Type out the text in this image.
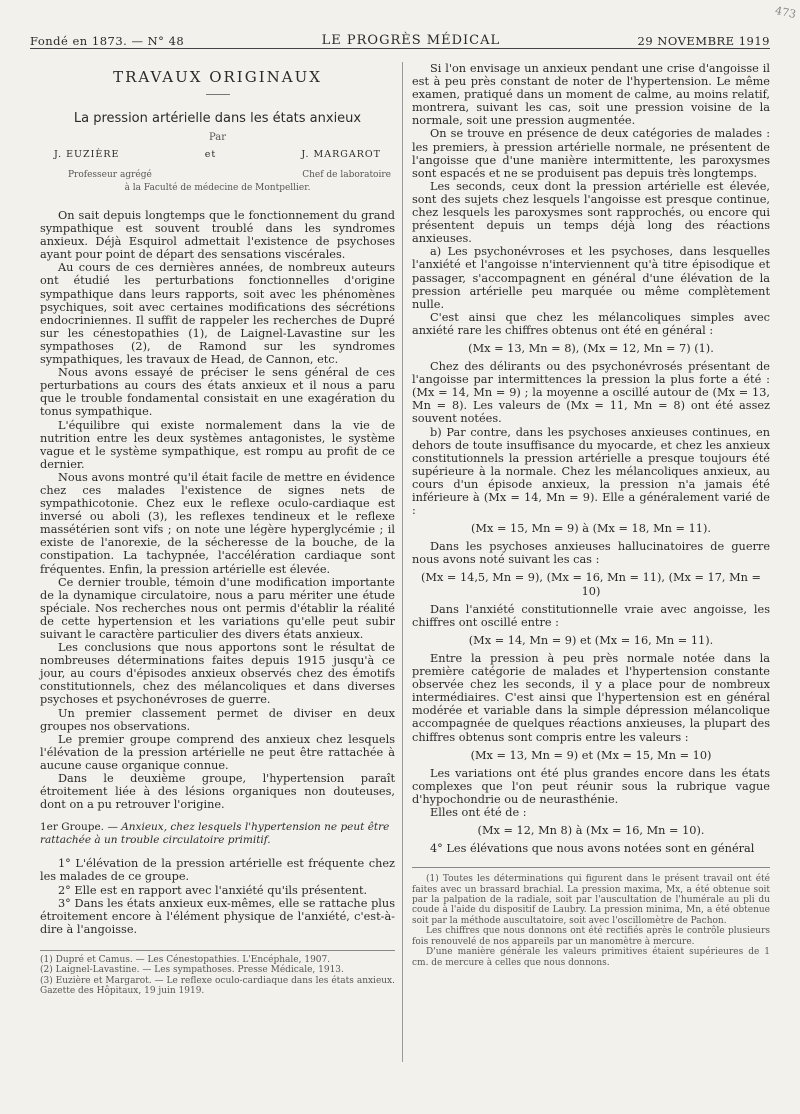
473
Fondé en 1873. — N° 48	LE PROGRÈS MÉDICAL	29 NOVEMBRE 1919
TRAVAUX ORIGINAUX
La pression artérielle dans les états anxieux
Par
J. EUZIÈRE	et	J. MARGAROT
Professeur agrégé	Chef de laboratoire
à la Faculté de médecine de Montpellier.

On sait depuis longtemps que le fonctionnement du grand sympathique est souvent troublé dans les syndromes anxieux. Déjà Esquirol admettait l'existence de psychoses ayant pour point de départ des sensations viscérales.

Au cours de ces dernières années, de nombreux auteurs ont étudié les perturbations fonctionnelles d'origine sympathique dans leurs rapports, soit avec les phénomènes psychiques, soit avec certaines modifications des sécrétions endocriniennes. Il suffit de rappeler les recherches de Dupré sur les cénestopathies (1), de Laignel-Lavastine sur les sympathoses (2), de Ramond sur les syndromes sympathiques, les travaux de Head, de Cannon, etc.

Nous avons essayé de préciser le sens général de ces perturbations au cours des états anxieux et il nous a paru que le trouble fondamental consistait en une exagération du tonus sympathique.

L'équilibre qui existe normalement dans la vie de nutrition entre les deux systèmes antagonistes, le système vague et le système sympathique, est rompu au profit de ce dernier.

Nous avons montré qu'il était facile de mettre en évidence chez ces malades l'existence de signes nets de sympathicotonie. Chez eux le reflexe oculo-cardiaque est inversé ou aboli (3), les reflexes tendineux et le reflexe massétérien sont vifs ; on note une légère hyperglycémie ; il existe de l'anorexie, de la sécheresse de la bouche, de la constipation. La tachypnée, l'accélération cardiaque sont fréquentes. Enfin, la pression artérielle est élevée.

Ce dernier trouble, témoin d'une modification importante de la dynamique circulatoire, nous a paru mériter une étude spéciale. Nos recherches nous ont permis d'établir la réalité de cette hypertension et les variations qu'elle peut subir suivant le caractère particulier des divers états anxieux.

Les conclusions que nous apportons sont le résultat de nombreuses déterminations faites depuis 1915 jusqu'à ce jour, au cours d'épisodes anxieux observés chez des émotifs constitutionnels, chez des mélancoliques et dans diverses psychoses et psychonévroses de guerre.

Un premier classement permet de diviser en deux groupes nos observations.

Le premier groupe comprend des anxieux chez lesquels l'élévation de la pression artérielle ne peut être rattachée à aucune cause organique connue.

Dans le deuxième groupe, l'hypertension paraît étroitement liée à des lésions organiques non douteuses, dont on a pu retrouver l'origine.

1er Groupe. — Anxieux, chez lesquels l'hypertension ne peut être rattachée à un trouble circulatoire primitif.

1° L'élévation de la pression artérielle est fréquente chez les malades de ce groupe.

2° Elle est en rapport avec l'anxiété qu'ils présentent.

3° Dans les états anxieux eux-mêmes, elle se rattache plus étroitement encore à l'élément physique de l'anxiété, c'est-à-dire à l'angoisse.

(1) Dupré et Camus. — Les Cénestopathies. L'Encéphale, 1907.
(2) Laignel-Lavastine. — Les sympathoses. Presse Médicale, 1913.
(3) Euzière et Margarot. — Le reflexe oculo-cardiaque dans les états anxieux. Gazette des Hôpitaux, 19 juin 1919.

Si l'on envisage un anxieux pendant une crise d'angoisse il est à peu près constant de noter de l'hypertension. Le même examen, pratiqué dans un moment de calme, au moins relatif, montrera, suivant les cas, soit une pression voisine de la normale, soit une pression augmentée.

On se trouve en présence de deux catégories de malades : les premiers, à pression artérielle normale, ne présentent de l'angoisse que d'une manière intermittente, les paroxysmes sont espacés et ne se produisent pas depuis très longtemps.

Les seconds, ceux dont la pression artérielle est élevée, sont des sujets chez lesquels l'angoisse est presque continue, chez lesquels les paroxysmes sont rapprochés, ou encore qui présentent depuis un temps déjà long des réactions anxieuses.

a) Les psychonévroses et les psychoses, dans lesquelles l'anxiété et l'angoisse n'interviennent qu'à titre épisodique et passager, s'accompagnent en général d'une élévation de la pression artérielle peu marquée ou même complètement nulle.

C'est ainsi que chez les mélancoliques simples avec anxiété rare les chiffres obtenus ont été en général :

(Mx = 13, Mn = 8), (Mx = 12, Mn = 7) (1).

Chez des délirants ou des psychonévrosés présentant de l'angoisse par intermittences la pression la plus forte a été : (Mx = 14, Mn = 9) ; la moyenne a oscillé autour de (Mx = 13, Mn = 8). Les valeurs de (Mx = 11, Mn = 8) ont été assez souvent notées.

b) Par contre, dans les psychoses anxieuses continues, en dehors de toute insuffisance du myocarde, et chez les anxieux constitutionnels la pression artérielle a presque toujours été supérieure à la normale. Chez les mélancoliques anxieux, au cours d'un épisode anxieux, la pression n'a jamais été inférieure à (Mx = 14, Mn = 9). Elle a généralement varié de :

(Mx = 15, Mn = 9) à (Mx = 18, Mn = 11).

Dans les psychoses anxieuses hallucinatoires de guerre nous avons noté suivant les cas :

(Mx = 14,5, Mn = 9), (Mx = 16, Mn = 11), (Mx = 17, Mn = 10)

Dans l'anxiété constitutionnelle vraie avec angoisse, les chiffres ont oscillé entre :

(Mx = 14, Mn = 9) et (Mx = 16, Mn = 11).

Entre la pression à peu près normale notée dans la première catégorie de malades et l'hypertension constante observée chez les seconds, il y a place pour de nombreux intermédiaires. C'est ainsi que l'hypertension est en général modérée et variable dans la simple dépression mélancolique accompagnée de quelques réactions anxieuses, la plupart des chiffres obtenus sont compris entre les valeurs :

(Mx = 13, Mn = 9) et (Mx = 15, Mn = 10)

Les variations ont été plus grandes encore dans les états complexes que l'on peut réunir sous la rubrique vague d'hypochondrie ou de neurasthénie.

Elles ont été de :

(Mx = 12, Mn 8) à (Mx = 16, Mn = 10).

4° Les élévations que nous avons notées sont en général

(1) Toutes les déterminations qui figurent dans le présent travail ont été faites avec un brassard brachial. La pression maxima, Mx, a été obtenue soit par la palpation de la radiale, soit par l'auscultation de l'humérale au pli du coude à l'aide du dispositif de Laubry. La pression minima, Mn, a été obtenue soit par la méthode auscultatoire, soit avec l'oscillomètre de Pachon.
Les chiffres que nous donnons ont été rectifiés après le contrôle plusieurs fois renouvelé de nos appareils par un manomètre à mercure.
D'une manière générale les valeurs primitives étaient supérieures de 1 cm. de mercure à celles que nous donnons.
